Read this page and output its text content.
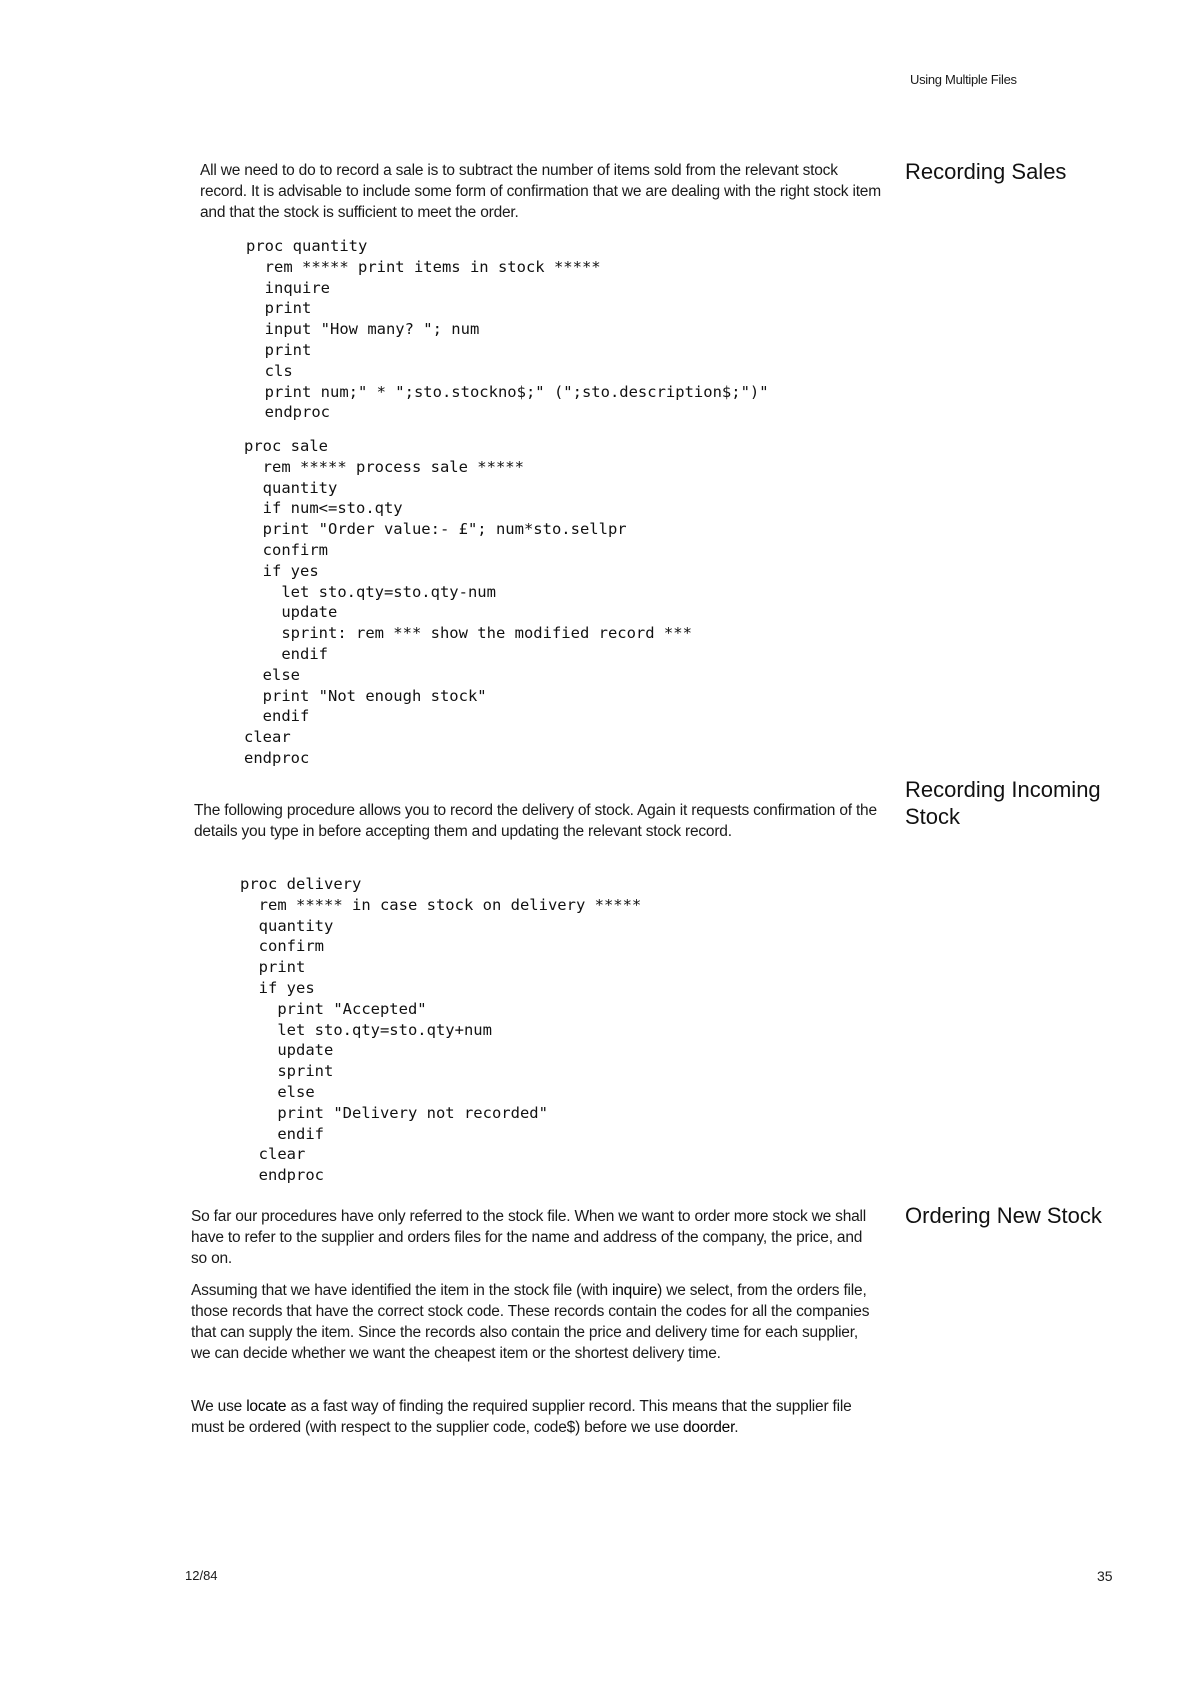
Using Multiple Files
Recording Sales

All we need to do to record a sale is to subtract the number of items sold from the relevant stock record. It is advisable to include some form of confirmation that we are dealing with the right stock item and that the stock is sufficient to meet the order.

proc quantity
rem ***** print items in stock *****
inquire
print
input "How many? "; num
print
cls
print num;" * ";sto.stockno$;" (";sto.description$;")"
endproc
proc sale
rem ***** process sale *****
quantity
if num<=sto.qty
print "Order value:- £"; num*sto.sellpr
confirm
if yes
let sto.qty=sto.qty-num
update
sprint: rem *** show the modified record ***
endif
else
print "Not enough stock"
endif
clear
endproc
Recording Incoming Stock

The following procedure allows you to record the delivery of stock. Again it requests confirmation of the details you type in before accepting them and updating the relevant stock record.

proc delivery
rem ***** in case stock on delivery *****
quantity
confirm
print
if yes
print "Accepted"
let sto.qty=sto.qty+num
update
sprint
else
print "Delivery not recorded"
endif
clear
endproc
Ordering New Stock

So far our procedures have only referred to the stock file. When we want to order more stock we shall have to refer to the supplier and orders files for the name and address of the company, the price, and so on.

Assuming that we have identified the item in the stock file (with inquire) we select, from the orders file, those records that have the correct stock code. These records contain the codes for all the companies that can supply the item. Since the records also contain the price and delivery time for each supplier, we can decide whether we want the cheapest item or the shortest delivery time.

We use locate as a fast way of finding the required supplier record. This means that the supplier file must be ordered (with respect to the supplier code, code$) before we use doorder.

12/84	35
